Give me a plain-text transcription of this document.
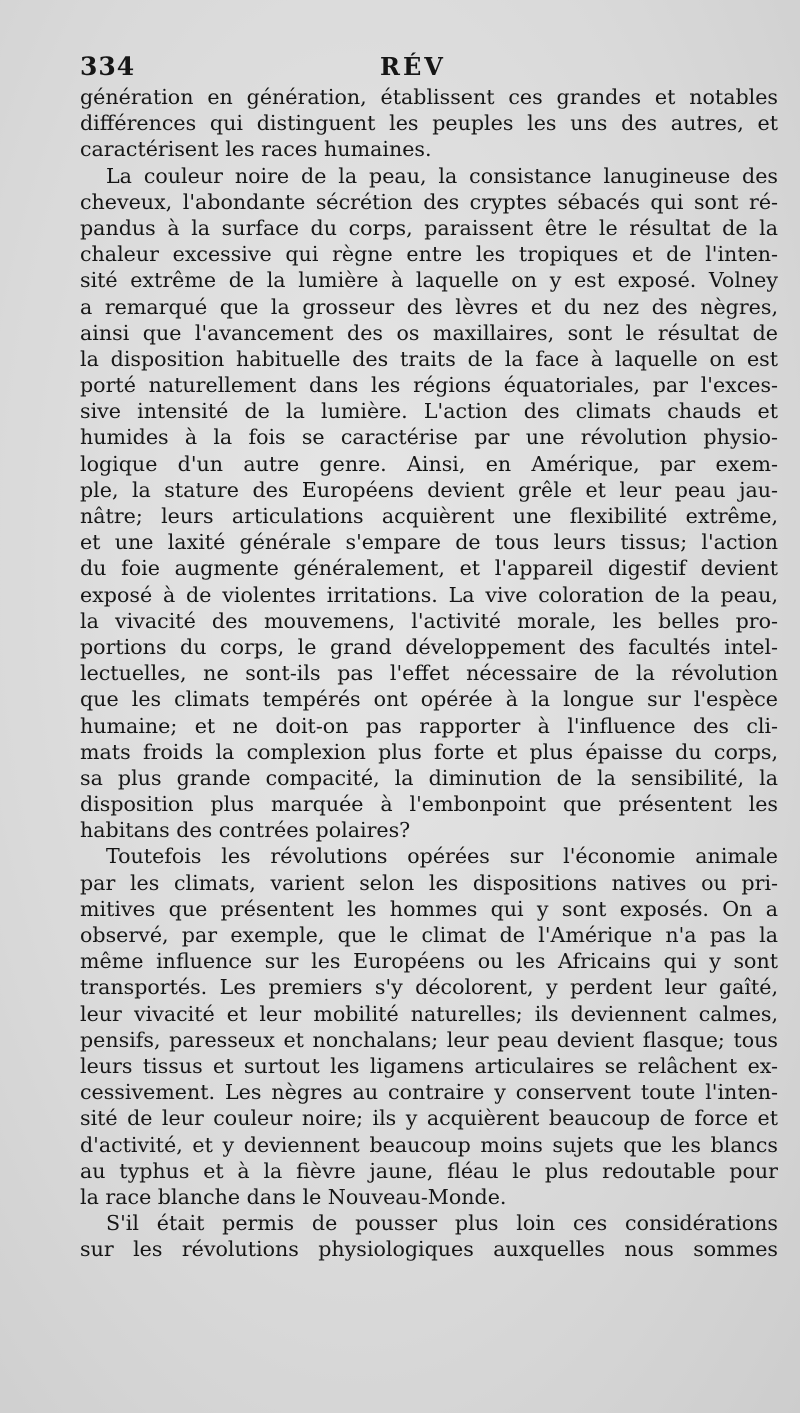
334	RÉV
génération en génération, établissent ces grandes et notables
différences qui distinguent les peuples les uns des autres, et
caractérisent les races humaines.
La couleur noire de la peau, la consistance lanugineuse des
cheveux, l'abondante sécrétion des cryptes sébacés qui sont ré-
pandus à la surface du corps, paraissent être le résultat de la
chaleur excessive qui règne entre les tropiques et de l'inten-
sité extrême de la lumière à laquelle on y est exposé. Volney
a remarqué que la grosseur des lèvres et du nez des nègres,
ainsi que l'avancement des os maxillaires, sont le résultat de
la disposition habituelle des traits de la face à laquelle on est
porté naturellement dans les régions équatoriales, par l'exces-
sive intensité de la lumière. L'action des climats chauds et
humides à la fois se caractérise par une révolution physio-
logique d'un autre genre. Ainsi, en Amérique, par exem-
ple, la stature des Européens devient grêle et leur peau jau-
nâtre; leurs articulations acquièrent une flexibilité extrême,
et une laxité générale s'empare de tous leurs tissus; l'action
du foie augmente généralement, et l'appareil digestif devient
exposé à de violentes irritations. La vive coloration de la peau,
la vivacité des mouvemens, l'activité morale, les belles pro-
portions du corps, le grand développement des facultés intel-
lectuelles, ne sont-ils pas l'effet nécessaire de la révolution
que les climats tempérés ont opérée à la longue sur l'espèce
humaine; et ne doit-on pas rapporter à l'influence des cli-
mats froids la complexion plus forte et plus épaisse du corps,
sa plus grande compacité, la diminution de la sensibilité, la
disposition plus marquée à l'embonpoint que présentent les
habitans des contrées polaires?
Toutefois les révolutions opérées sur l'économie animale
par les climats, varient selon les dispositions natives ou pri-
mitives que présentent les hommes qui y sont exposés. On a
observé, par exemple, que le climat de l'Amérique n'a pas la
même influence sur les Européens ou les Africains qui y sont
transportés. Les premiers s'y décolorent, y perdent leur gaîté,
leur vivacité et leur mobilité naturelles; ils deviennent calmes,
pensifs, paresseux et nonchalans; leur peau devient flasque; tous
leurs tissus et surtout les ligamens articulaires se relâchent ex-
cessivement. Les nègres au contraire y conservent toute l'inten-
sité de leur couleur noire; ils y acquièrent beaucoup de force et
d'activité, et y deviennent beaucoup moins sujets que les blancs
au typhus et à la fièvre jaune, fléau le plus redoutable pour
la race blanche dans le Nouveau-Monde.
S'il était permis de pousser plus loin ces considérations
sur les révolutions physiologiques auxquelles nous sommes
